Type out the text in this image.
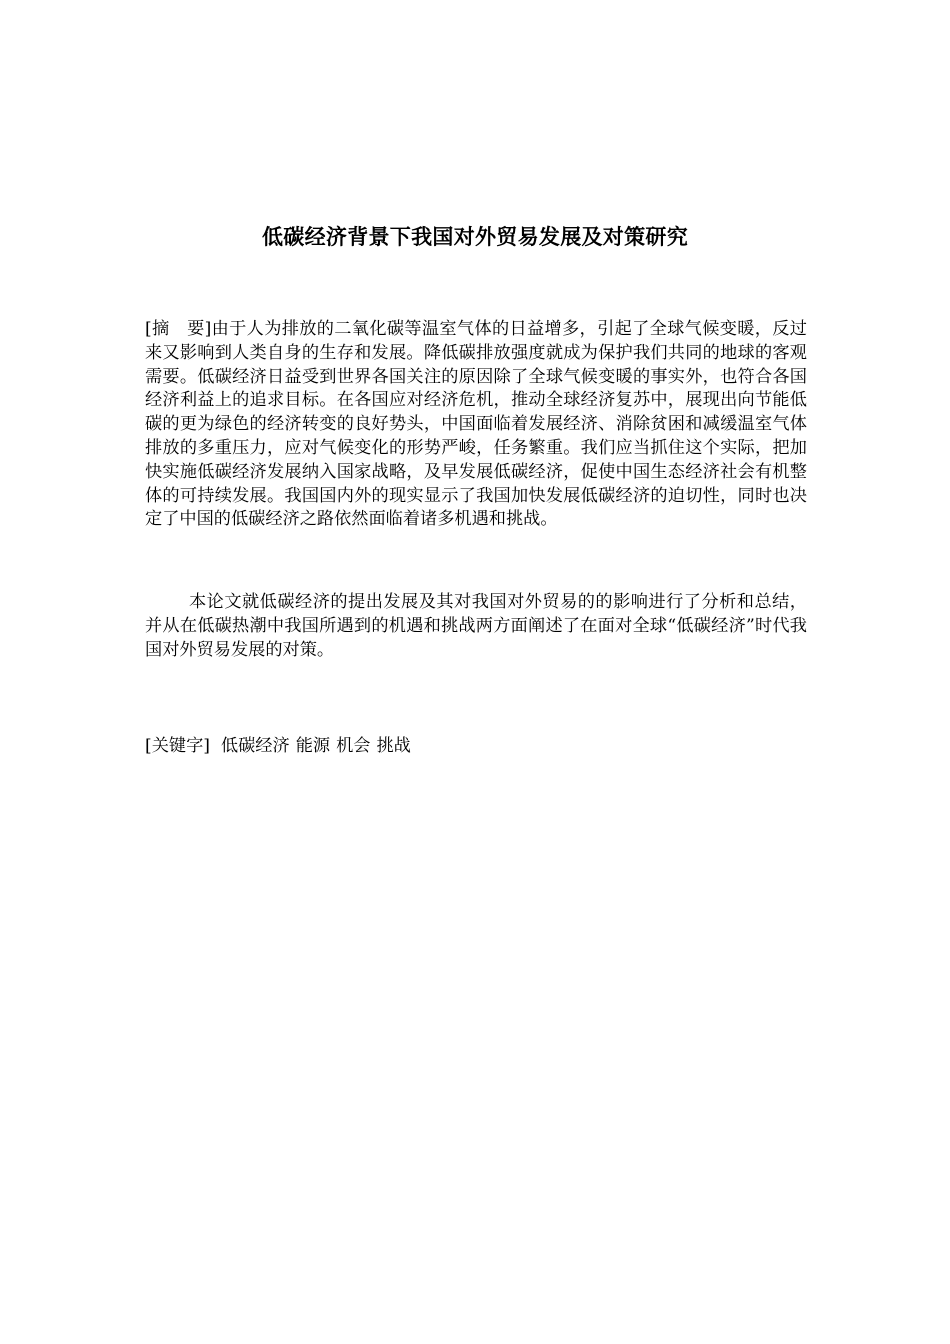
低碳经济背景下我国对外贸易发展及对策研究

[摘　要]由于人为排放的二氧化碳等温室气体的日益增多，引起了全球气候变暖，反过来又影响到人类自身的生存和发展。降低碳排放强度就成为保护我们共同的地球的客观需要。低碳经济日益受到世界各国关注的原因除了全球气候变暖的事实外，也符合各国经济利益上的追求目标。在各国应对经济危机，推动全球经济复苏中，展现出向节能低碳的更为绿色的经济转变的良好势头，中国面临着发展经济、消除贫困和减缓温室气体排放的多重压力，应对气候变化的形势严峻，任务繁重。我们应当抓住这个实际，把加快实施低碳经济发展纳入国家战略，及早发展低碳经济，促使中国生态经济社会有机整体的可持续发展。我国国内外的现实显示了我国加快发展低碳经济的迫切性，同时也决定了中国的低碳经济之路依然面临着诸多机遇和挑战。

本论文就低碳经济的提出发展及其对我国对外贸易的的影响进行了分析和总结，并从在低碳热潮中我国所遇到的机遇和挑战两方面阐述了在面对全球“低碳经济”时代我国对外贸易发展的对策。

[关键字] 低碳经济 能源 机会 挑战
